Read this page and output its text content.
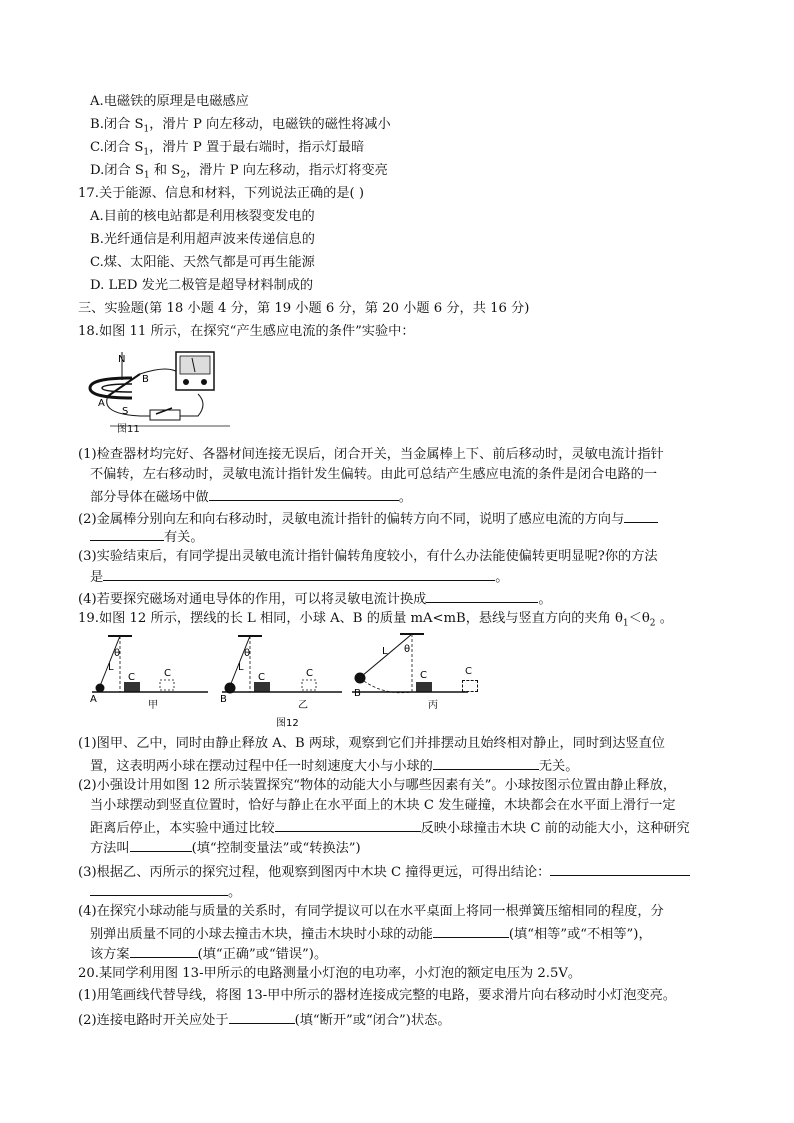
A.电磁铁的原理是电磁感应
B.闭合 $S_1$，滑片 P 向左移动，电磁铁的磁性将减小
C.闭合 $S_1$，滑片 P 置于最右端时，指示灯最暗
D.闭合 $S_1$ 和 $S_2$，滑片 P 向左移动，指示灯将变亮
17.关于能源、信息和材料，下列说法正确的是( )
A.目前的核电站都是利用核裂变发电的
B.光纤通信是利用超声波来传递信息的
C.煤、太阳能、天然气都是可再生能源
D. LED 发光二极管是超导材料制成的
三、实验题(第 18 小题 4 分，第 19 小题 6 分，第 20 小题 6 分，共 16 分)
18.如图 11 所示，在探究“产生感应电流的条件”实验中：
N
A
B
S
图11
(1)检查器材均完好、各器材间连接无误后，闭合开关，当金属棒上下、前后移动时，灵敏电流计指针
不偏转，左右移动时，灵敏电流计指针发生偏转。由此可总结产生感应电流的条件是闭合电路的一
部分导体在磁场中做	。
(2)金属棒分别向左和向右移动时，灵敏电流计指针的偏转方向不同，说明了感应电流的方向与
有关。
(3)实验结束后，有同学提出灵敏电流计指针偏转角度较小，有什么办法能使偏转更明显呢?你的方法
是	。
(4)若要探究磁场对通电导体的作用，可以将灵敏电流计换成	。
19.如图 12 所示，摆线的长 L 相同，小球 A、B 的质量 mA<mB，悬线与竖直方向的夹角 $\theta_1<\theta_2$ 。
L
θ
C	C
A
甲
L
θ
C	C
B
乙
L θ
C
B
丙
图12
C
(1)图甲、乙中，同时由静止释放 A、B 两球，观察到它们并排摆动且始终相对静止，同时到达竖直位
置，这表明两小球在摆动过程中任一时刻速度大小与小球的	无关。
(2)小强设计用如图 12 所示装置探究“物体的动能大小与哪些因素有关”。小球按图示位置由静止释放，
当小球摆动到竖直位置时，恰好与静止在水平面上的木块 C 发生碰撞，木块都会在水平面上滑行一定
距离后停止，本实验中通过比较	反映小球撞击木块 C 前的动能大小，这种研究
方法叫	(填“控制变量法”或“转换法”)
(3)根据乙、丙所示的探究过程，他观察到图丙中木块 C 撞得更远，可得出结论：
。
(4)在探究小球动能与质量的关系时，有同学提议可以在水平桌面上将同一根弹簧压缩相同的程度，分
别弹出质量不同的小球去撞击木块，撞击木块时小球的动能	(填“相等”或“不相等”)，
该方案	(填“正确”或“错误”)。
20.某同学利用图 13-甲所示的电路测量小灯泡的电功率，小灯泡的额定电压为 2.5V。
(1)用笔画线代替导线，将图 13-甲中所示的器材连接成完整的电路，要求滑片向右移动时小灯泡变亮。
(2)连接电路时开关应处于	(填“断开”或“闭合”)状态。
